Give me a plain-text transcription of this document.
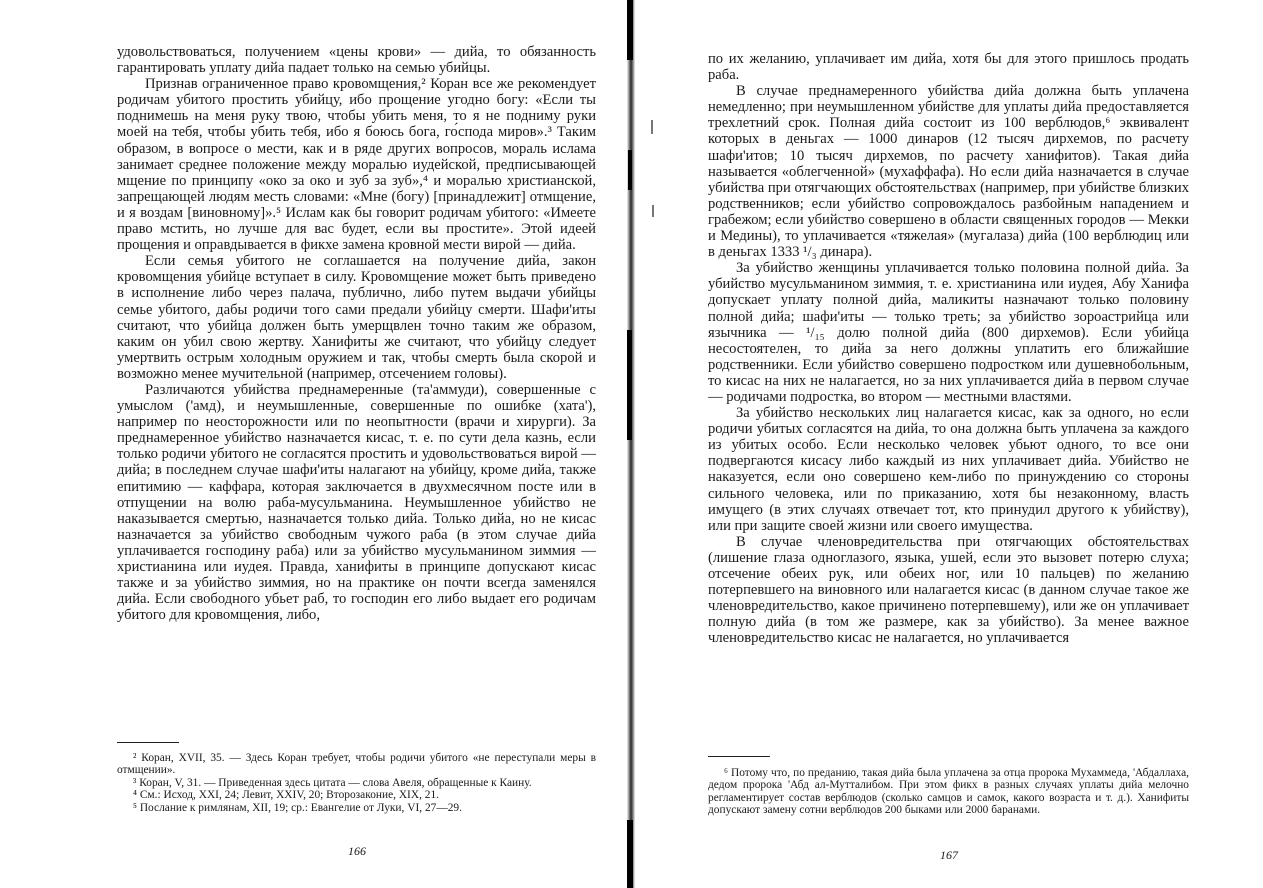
удовольствоваться, получением «цены крови» — дийа, то обязанность гарантировать уплату дийа падает только на семью убийцы.

Признав ограниченное право кровомщения,² Коран все же рекомендует родичам убитого простить убийцу, ибо прощение угодно богу: «Если ты поднимешь на меня руку твою, чтобы убить меня, то я не подниму руки моей на тебя, чтобы убить тебя, ибо я боюсь бога, го́спода миров».³ Таким образом, в вопросе о мести, как и в ряде других вопросов, мораль ислама занимает среднее положение между моралью иудейской, предписывающей мщение по принципу «око за око и зуб за зуб»,⁴ и моралью христианской, запрещающей людям месть словами: «Мне (богу) [принадлежит] отмщение, и я воздам [виновному]».⁵ Ислам как бы говорит родичам убитого: «Имеете право мстить, но лучше для вас будет, если вы простите». Этой идеей прощения и оправдывается в фикхе замена кровной мести вирой — дийа.

Если семья убитого не соглашается на получение дийа, закон кровомщения убийце вступает в силу. Кровомщение может быть приведено в исполнение либо через палача, публично, либо путем выдачи убийцы семье убитого, дабы родичи того сами предали убийцу смерти. Шафи'иты считают, что убийца должен быть умерщвлен точно таким же образом, каким он убил свою жертву. Ханифиты же считают, что убийцу следует умертвить острым холодным оружием и так, чтобы смерть была скорой и возможно менее мучительной (например, отсечением головы).

Различаются убийства преднамеренные (та'аммуди), совершенные с умыслом ('амд), и неумышленные, совершенные по ошибке (хата'), например по неосторожности или по неопытности (врачи и хирурги). За преднамеренное убийство назначается кисас, т. е. по сути дела казнь, если только родичи убитого не согласятся простить и удовольствоваться вирой — дийа; в последнем случае шафи'иты налагают на убийцу, кроме дийа, также епитимию — каффара, которая заключается в двухмесячном посте или в отпущении на волю раба-мусульманина. Неумышленное убийство не наказывается смертью, назначается только дийа. Только дийа, но не кисас назначается за убийство свободным чужого раба (в этом случае дийа уплачивается господину раба) или за убийство мусульманином зиммия — христианина или иудея. Правда, ханифиты в принципе допускают кисас также и за убийство зиммия, но на практике он почти всегда заменялся дийа. Если свободного убьет раб, то господин его либо выдает его родичам убитого для кровомщения, либо,

² Коран, XVII, 35. — Здесь Коран требует, чтобы родичи убитого «не переступали меры в отмщении».

³ Коран, V, 31. — Приведенная здесь цитата — слова Авеля, обращенные к Каину.

⁴ См.: Исход, XXI, 24; Левит, XXIV, 20; Второзаконие, XIX, 21.

⁵ Послание к римлянам, XII, 19; ср.: Евангелие от Луки, VI, 27—29.

166

по их желанию, уплачивает им дийа, хотя бы для этого пришлось продать раба.

В случае преднамеренного убийства дийа должна быть уплачена немедленно; при неумышленном убийстве для уплаты дийа предоставляется трехлетний срок. Полная дийа состоит из 100 верблюдов,⁶ эквивалент которых в деньгах — 1000 динаров (12 тысяч дирхемов, по расчету шафи'итов; 10 тысяч дирхемов, по расчету ханифитов). Такая дийа называется «облегченной» (мухаффафа). Но если дийа назначается в случае убийства при отягчающих обстоятельствах (например, при убийстве близких родственников; если убийство сопровождалось разбойным нападением и грабежом; если убийство совершено в области священных городов — Мекки и Медины), то уплачивается «тяжелая» (мугалаза) дийа (100 верблюдиц или в деньгах 1333 ¹/₃ динара).

За убийство женщины уплачивается только половина полной дийа. За убийство мусульманином зиммия, т. е. христианина или иудея, Абу Ханифа допускает уплату полной дийа, маликиты назначают только половину полной дийа; шафи'иты — только треть; за убийство зороастрийца или язычника — ¹/₁₅ долю полной дийа (800 дирхемов). Если убийца несостоятелен, то дийа за него должны уплатить его ближайшие родственники. Если убийство совершено подростком или душевнобольным, то кисас на них не налагается, но за них уплачивается дийа в первом случае — родичами подростка, во втором — местными властями.

За убийство нескольких лиц налагается кисас, как за одного, но если родичи убитых согласятся на дийа, то она должна быть уплачена за каждого из убитых особо. Если несколько человек убьют одного, то все они подвергаются кисасу либо каждый из них уплачивает дийа. Убийство не наказуется, если оно совершено кем-либо по принуждению со стороны сильного человека, или по приказанию, хотя бы незаконному, власть имущего (в этих случаях отвечает тот, кто принудил другого к убийству), или при защите своей жизни или своего имущества.

В случае членовредительства при отягчающих обстоятельствах (лишение глаза одноглазого, языка, ушей, если это вызовет потерю слуха; отсечение обеих рук, или обеих ног, или 10 пальцев) по желанию потерпевшего на виновного или налагается кисас (в данном случае такое же членовредительство, какое причинено потерпевшему), или же он уплачивает полную дийа (в том же размере, как за убийство). За менее важное членовредительство кисас не налагается, но уплачивается

⁶ Потому что, по преданию, такая дийа была уплачена за отца пророка Мухаммеда, 'Абдаллаха, дедом пророка 'Абд ал-Мутталибом. При этом фикх в разных случаях уплаты дийа мелочно регламентирует состав верблюдов (сколько самцов и самок, какого возраста и т. д.). Ханифиты допускают замену сотни верблюдов 200 быками или 2000 баранами.

167
